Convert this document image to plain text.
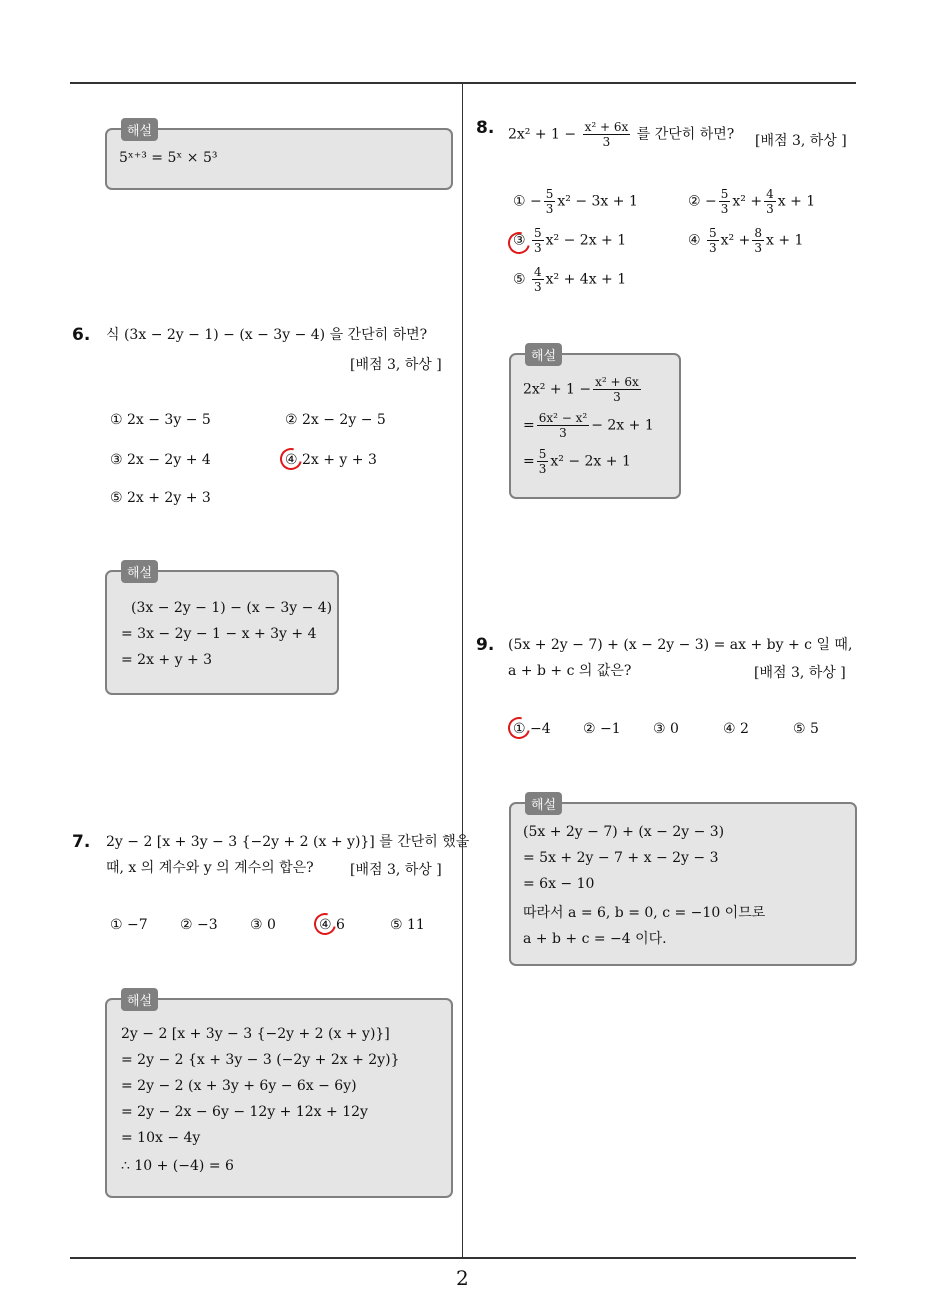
해설
5ˣ⁺³ = 5ˣ × 5³
6. 식 (3x − 2y − 1) − (x − 3y − 4) 을 간단히 하면?
[배점 3, 하상 ]
① 2x − 3y − 5	② 2x − 2y − 5
③ 2x − 2y + 4	④ 2x + y + 3
⑤ 2x + 2y + 3
해설
(3x − 2y − 1) − (x − 3y − 4)
= 3x − 2y − 1 − x + 3y + 4
= 2x + y + 3
7. 2y − 2 [x + 3y − 3 {−2y + 2 (x + y)}] 를 간단히 했을
때, x 의 계수와 y 의 계수의 합은?	[배점 3, 하상 ]
① −7 ② −3 ③ 0	④ 6	⑤ 11
해설
2y − 2 [x + 3y − 3 {−2y + 2 (x + y)}]
= 2y − 2 {x + 3y − 3 (−2y + 2x + 2y)}
= 2y − 2 (x + 3y + 6y − 6x − 6y)
= 2y − 2x − 6y − 12y + 12x + 12y
= 10x − 4y
∴ 10 + (−4) = 6
8. $2x^2 + 1 - \frac{\text{x² + 6x}}{3}$ 를 간단히 하면? [배점 3, 하상 ]
① − $\frac{5}{3} x^2 - 3x + 1$	② − $\frac{5}{3} x^2 + \frac{4}{3}$ x + 1
③ $\frac{5}{3} x^2 - 2x + 1$	④ $\frac{5}{3} x^2 + \frac{8}{3}$ x + 1
⑤ $\frac{4}{3} x^2 + 4x + 1$
해설
$2x^2 + 1 - \frac{\text{x² + 6x}}{3}$
= $\frac{\text{6x² − x²}}{3} - 2x + 1$
= $\frac{5}{3} x^2 - 2x + 1$
9. (5x + 2y − 7) + (x − 2y − 3) = ax + by + c 일 때,
a + b + c 의 값은?	[배점 3, 하상 ]
① −4 ② −1 ③ 0	④ 2	⑤ 5
해설
(5x + 2y − 7) + (x − 2y − 3)
= 5x + 2y − 7 + x − 2y − 3
= 6x − 10
따라서 a = 6, b = 0, c = −10 이므로
a + b + c = −4 이다.
2
